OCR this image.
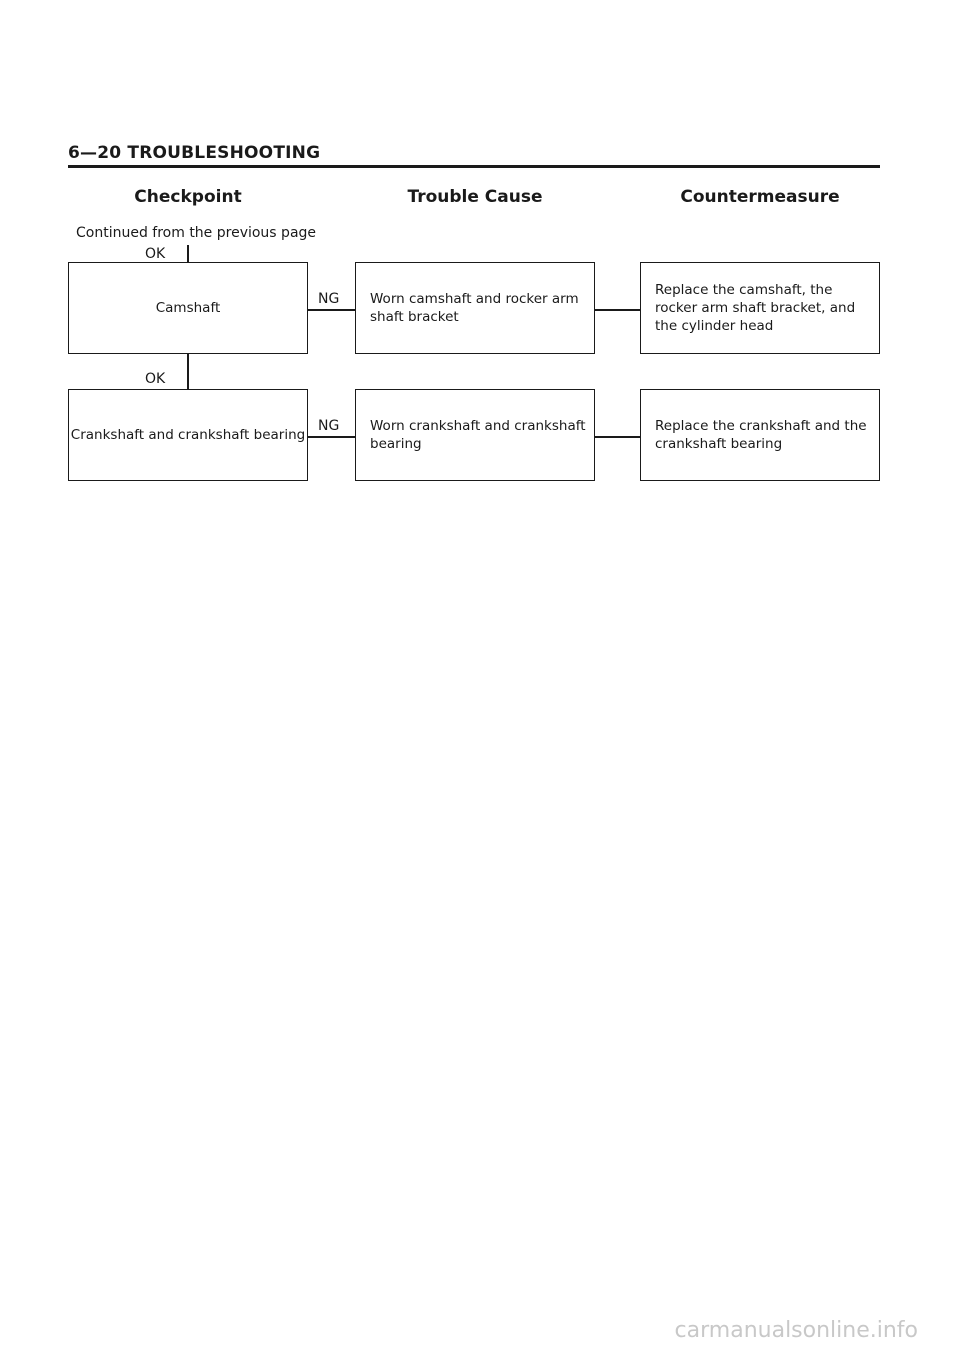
6—20 TROUBLESHOOTING
Checkpoint	Trouble Cause	Countermeasure
Continued from the previous page
OK
Camshaft
NG Worn camshaft and rocker arm shaft bracket
Replace the camshaft, the rocker arm shaft bracket, and the cylinder head
OK
Crankshaft and crankshaft bearing
NG Worn crankshaft and crankshaft bearing
Replace the crankshaft and the crankshaft bearing
carmanualsonline.info
